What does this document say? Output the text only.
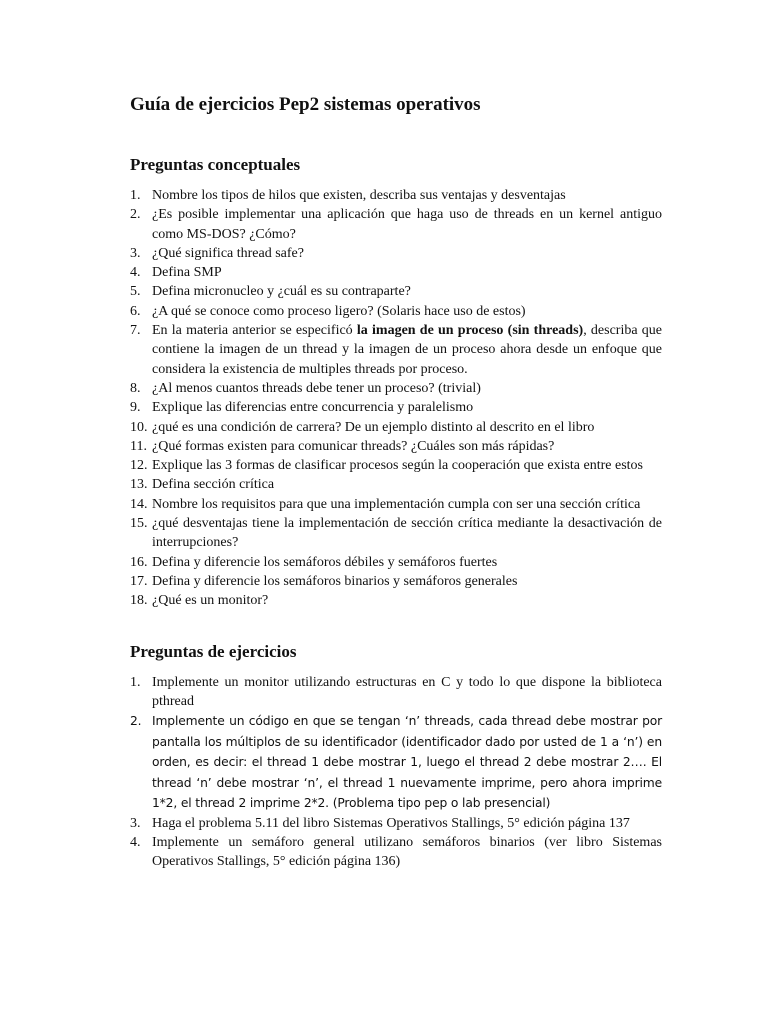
Guía de ejercicios Pep2 sistemas operativos
Preguntas conceptuales
1. Nombre los tipos de hilos que existen, describa sus ventajas y desventajas
2. ¿Es posible implementar una aplicación que haga uso de threads en un kernel antiguo como MS-DOS? ¿Cómo?
3. ¿Qué significa thread safe?
4. Defina SMP
5. Defina micronucleo y ¿cuál es su contraparte?
6. ¿A qué se conoce como proceso ligero? (Solaris hace uso de estos)
7. En la materia anterior se especificó la imagen de un proceso (sin threads), describa que contiene la imagen de un thread y la imagen de un proceso ahora desde un enfoque que considera la existencia de multiples threads por proceso.
8. ¿Al menos cuantos threads debe tener un proceso? (trivial)
9. Explique las diferencias entre concurrencia y paralelismo
10. ¿qué es una condición de carrera? De un ejemplo distinto al descrito en el libro
11. ¿Qué formas existen para comunicar threads? ¿Cuáles son más rápidas?
12. Explique las 3 formas de clasificar procesos según la cooperación que exista entre estos
13. Defina sección crítica
14. Nombre los requisitos para que una implementación cumpla con ser una sección crítica
15. ¿qué desventajas tiene la implementación de sección crítica mediante la desactivación de interrupciones?
16. Defina y diferencie los semáforos débiles y semáforos fuertes
17. Defina y diferencie los semáforos binarios y semáforos generales
18. ¿Qué es un monitor?
Preguntas de ejercicios
1. Implemente un monitor utilizando estructuras en C y todo lo que dispone la biblioteca pthread
2. Implemente un código en que se tengan ‘n’ threads, cada thread debe mostrar por pantalla los múltiplos de su identificador (identificador dado por usted de 1 a ‘n’) en orden, es decir: el thread 1 debe mostrar 1, luego el thread 2 debe mostrar 2…. El thread ‘n’ debe mostrar ‘n’, el thread 1 nuevamente imprime, pero ahora imprime 1*2, el thread 2 imprime 2*2. (Problema tipo pep o lab presencial)
3. Haga el problema 5.11 del libro Sistemas Operativos Stallings, 5° edición página 137
4. Implemente un semáforo general utilizano semáforos binarios (ver libro Sistemas Operativos Stallings, 5° edición página 136)
